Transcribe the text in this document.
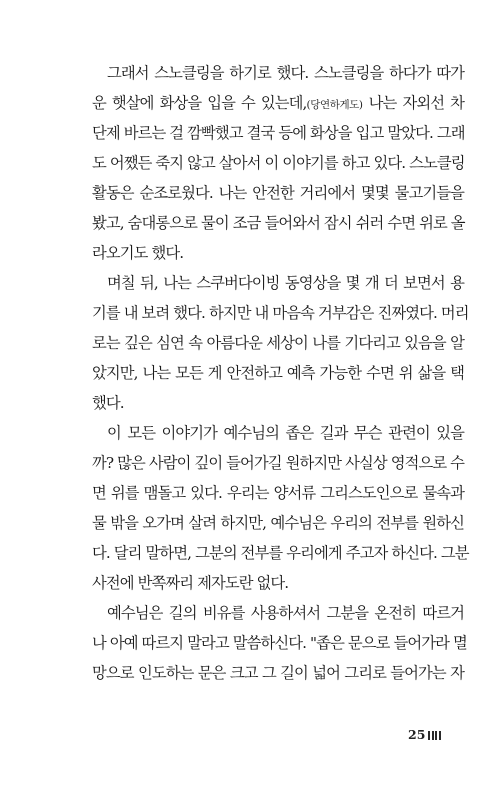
그래서 스노클링을 하기로 했다. 스노클링을 하다가 따가
운 햇살에 화상을 입을 수 있는데,(당연하게도) 나는 자외선 차
단제 바르는 걸 깜빡했고 결국 등에 화상을 입고 말았다. 그래
도 어쨌든 죽지 않고 살아서 이 이야기를 하고 있다. 스노클링
활동은 순조로웠다. 나는 안전한 거리에서 몇몇 물고기들을
봤고, 숨대롱으로 물이 조금 들어와서 잠시 쉬러 수면 위로 올
라오기도 했다.
며칠 뒤, 나는 스쿠버다이빙 동영상을 몇 개 더 보면서 용
기를 내 보려 했다. 하지만 내 마음속 거부감은 진짜였다. 머리
로는 깊은 심연 속 아름다운 세상이 나를 기다리고 있음을 알
았지만, 나는 모든 게 안전하고 예측 가능한 수면 위 삶을 택
했다.
이 모든 이야기가 예수님의 좁은 길과 무슨 관련이 있을
까? 많은 사람이 깊이 들어가길 원하지만 사실상 영적으로 수
면 위를 맴돌고 있다. 우리는 양서류 그리스도인으로 물속과
물 밖을 오가며 살려 하지만, 예수님은 우리의 전부를 원하신
다. 달리 말하면, 그분의 전부를 우리에게 주고자 하신다. 그분
사전에 반쪽짜리 제자도란 없다.
예수님은 길의 비유를 사용하셔서 그분을 온전히 따르거
나 아예 따르지 말라고 말씀하신다. "좁은 문으로 들어가라 멸
망으로 인도하는 문은 크고 그 길이 넓어 그리로 들어가는 자
25
